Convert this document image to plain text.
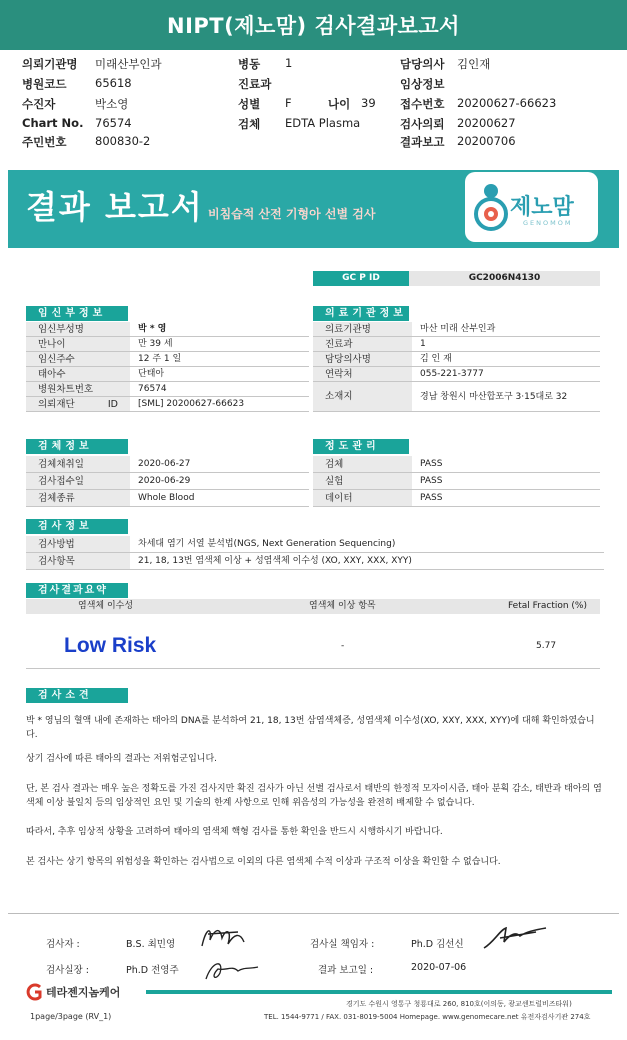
NIPT(제노맘) 검사결과보고서
의뢰기관명 미래산부인과
병원코드 65618
수진자	박소영
Chart No. 76574
주민번호 800830-2
병동 1
진료과
성별 F	나이 39
검체 EDTA Plasma
담당의사 김인재
임상정보
접수번호 20200627-66623
검사의뢰 20200627
결과보고 20200706
결과 보고서 비침습적 산전 기형아 선별 검사	제노맘
GENOMOM
GC P ID	GC2006N4130
임신부정보
임신부성명	박 * 영
만나이	만 39 세
임신주수	12 주 1 일
태아수	단태아
병원차트번호	76574
의뢰재단 ID	[SML] 20200627-66623
의료기관정보
의료기관명	마산 미래 산부인과
진료과	1
담당의사명	김 인 재
연락처	055-221-3777
소재지	경남 창원시 마산합포구 3·15대로 32
검체정보
검체채취일	2020-06-27
검사접수일	2020-06-29
검체종류	Whole Blood
정도관리
검체	PASS
실험	PASS
데이터	PASS
검사정보
검사방법	차세대 염기 서열 분석법(NGS, Next Generation Sequencing)
검사항목	21, 18, 13번 염색체 이상 + 성염색체 이수성 (XO, XXY, XXX, XYY)
검사결과요약
염색체 이수성	염색체 이상 항목	Fetal Fraction (%)
Low Risk	-	5.77
검사소견
박 * 영님의 혈액 내에 존재하는 태아의 DNA를 분석하여 21, 18, 13번 삼염색체증, 성염색체 이수성(XO, XXY, XXX, XYY)에 대해 확인하였습니다.
상기 검사에 따른 태아의 결과는 저위험군입니다.
단, 본 검사 결과는 매우 높은 정확도를 가진 검사지만 확진 검사가 아닌 선별 검사로서 태반의 한정적 모자이시즘, 태아 분획 감소, 태반과 태아의 염색체 이상 불일치 등의 임상적인 요인 및 기술의 한계 사항으로 인해 위음성의 가능성을 완전히 배제할 수 없습니다.
따라서, 추후 임상적 상황을 고려하여 태아의 염색체 핵형 검사를 통한 확인을 반드시 시행하시기 바랍니다.
본 검사는 상기 항목의 위험성을 확인하는 검사법으로 이외의 다른 염색체 수적 이상과 구조적 이상을 확인할 수 없습니다.
검사자 :	B.S. 최민영	검사실 책임자 :	Ph.D 김선신
검사실장 :	Ph.D 전영주	결과 보고일 :	2020-07-06
테라젠지놈케어
경기도 수원시 영통구 청룡대로 260, 810호(이의동, 광교센트럴비즈타워)
TEL. 1544-9771 / FAX. 031-8019-5004 Homepage. www.genomecare.net 유전자검사기관 274호
1page/3page (RV_1)
